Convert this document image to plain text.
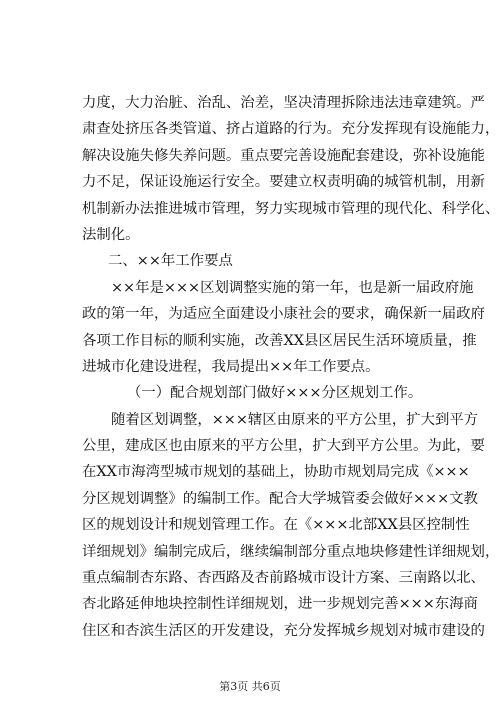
力度，大力治脏、治乱、治差，坚决清理拆除违法违章建筑。严
肃查处挤压各类管道、挤占道路的行为。充分发挥现有设施能力，
解决设施失修失养问题。重点要完善设施配套建设，弥补设施能
力不足，保证设施运行安全。要建立权责明确的城管机制，用新
机制新办法推进城市管理，努力实现城市管理的现代化、科学化、
法制化。
二、××年工作要点
××年是×××区划调整实施的第一年，也是新一届政府施
政的第一年，为适应全面建设小康社会的要求，确保新一届政府
各项工作目标的顺利实施，改善XX县区居民生活环境质量，推
进城市化建设进程，我局提出××年工作要点。
（一）配合规划部门做好×××分区规划工作。
随着区划调整，×××辖区由原来的平方公里，扩大到平方
公里，建成区也由原来的平方公里，扩大到平方公里。为此，要
在XX市海湾型城市规划的基础上，协助市规划局完成《×××
分区规划调整》的编制工作。配合大学城管委会做好×××文教
区的规划设计和规划管理工作。在《×××北部XX县区控制性
详细规划》编制完成后，继续编制部分重点地块修建性详细规划，
重点编制杏东路、杏西路及杏前路城市设计方案、三南路以北、
杏北路延伸地块控制性详细规划，进一步规划完善×××东海商
住区和杏滨生活区的开发建设，充分发挥城乡规划对城市建设的
第3页 共6页
